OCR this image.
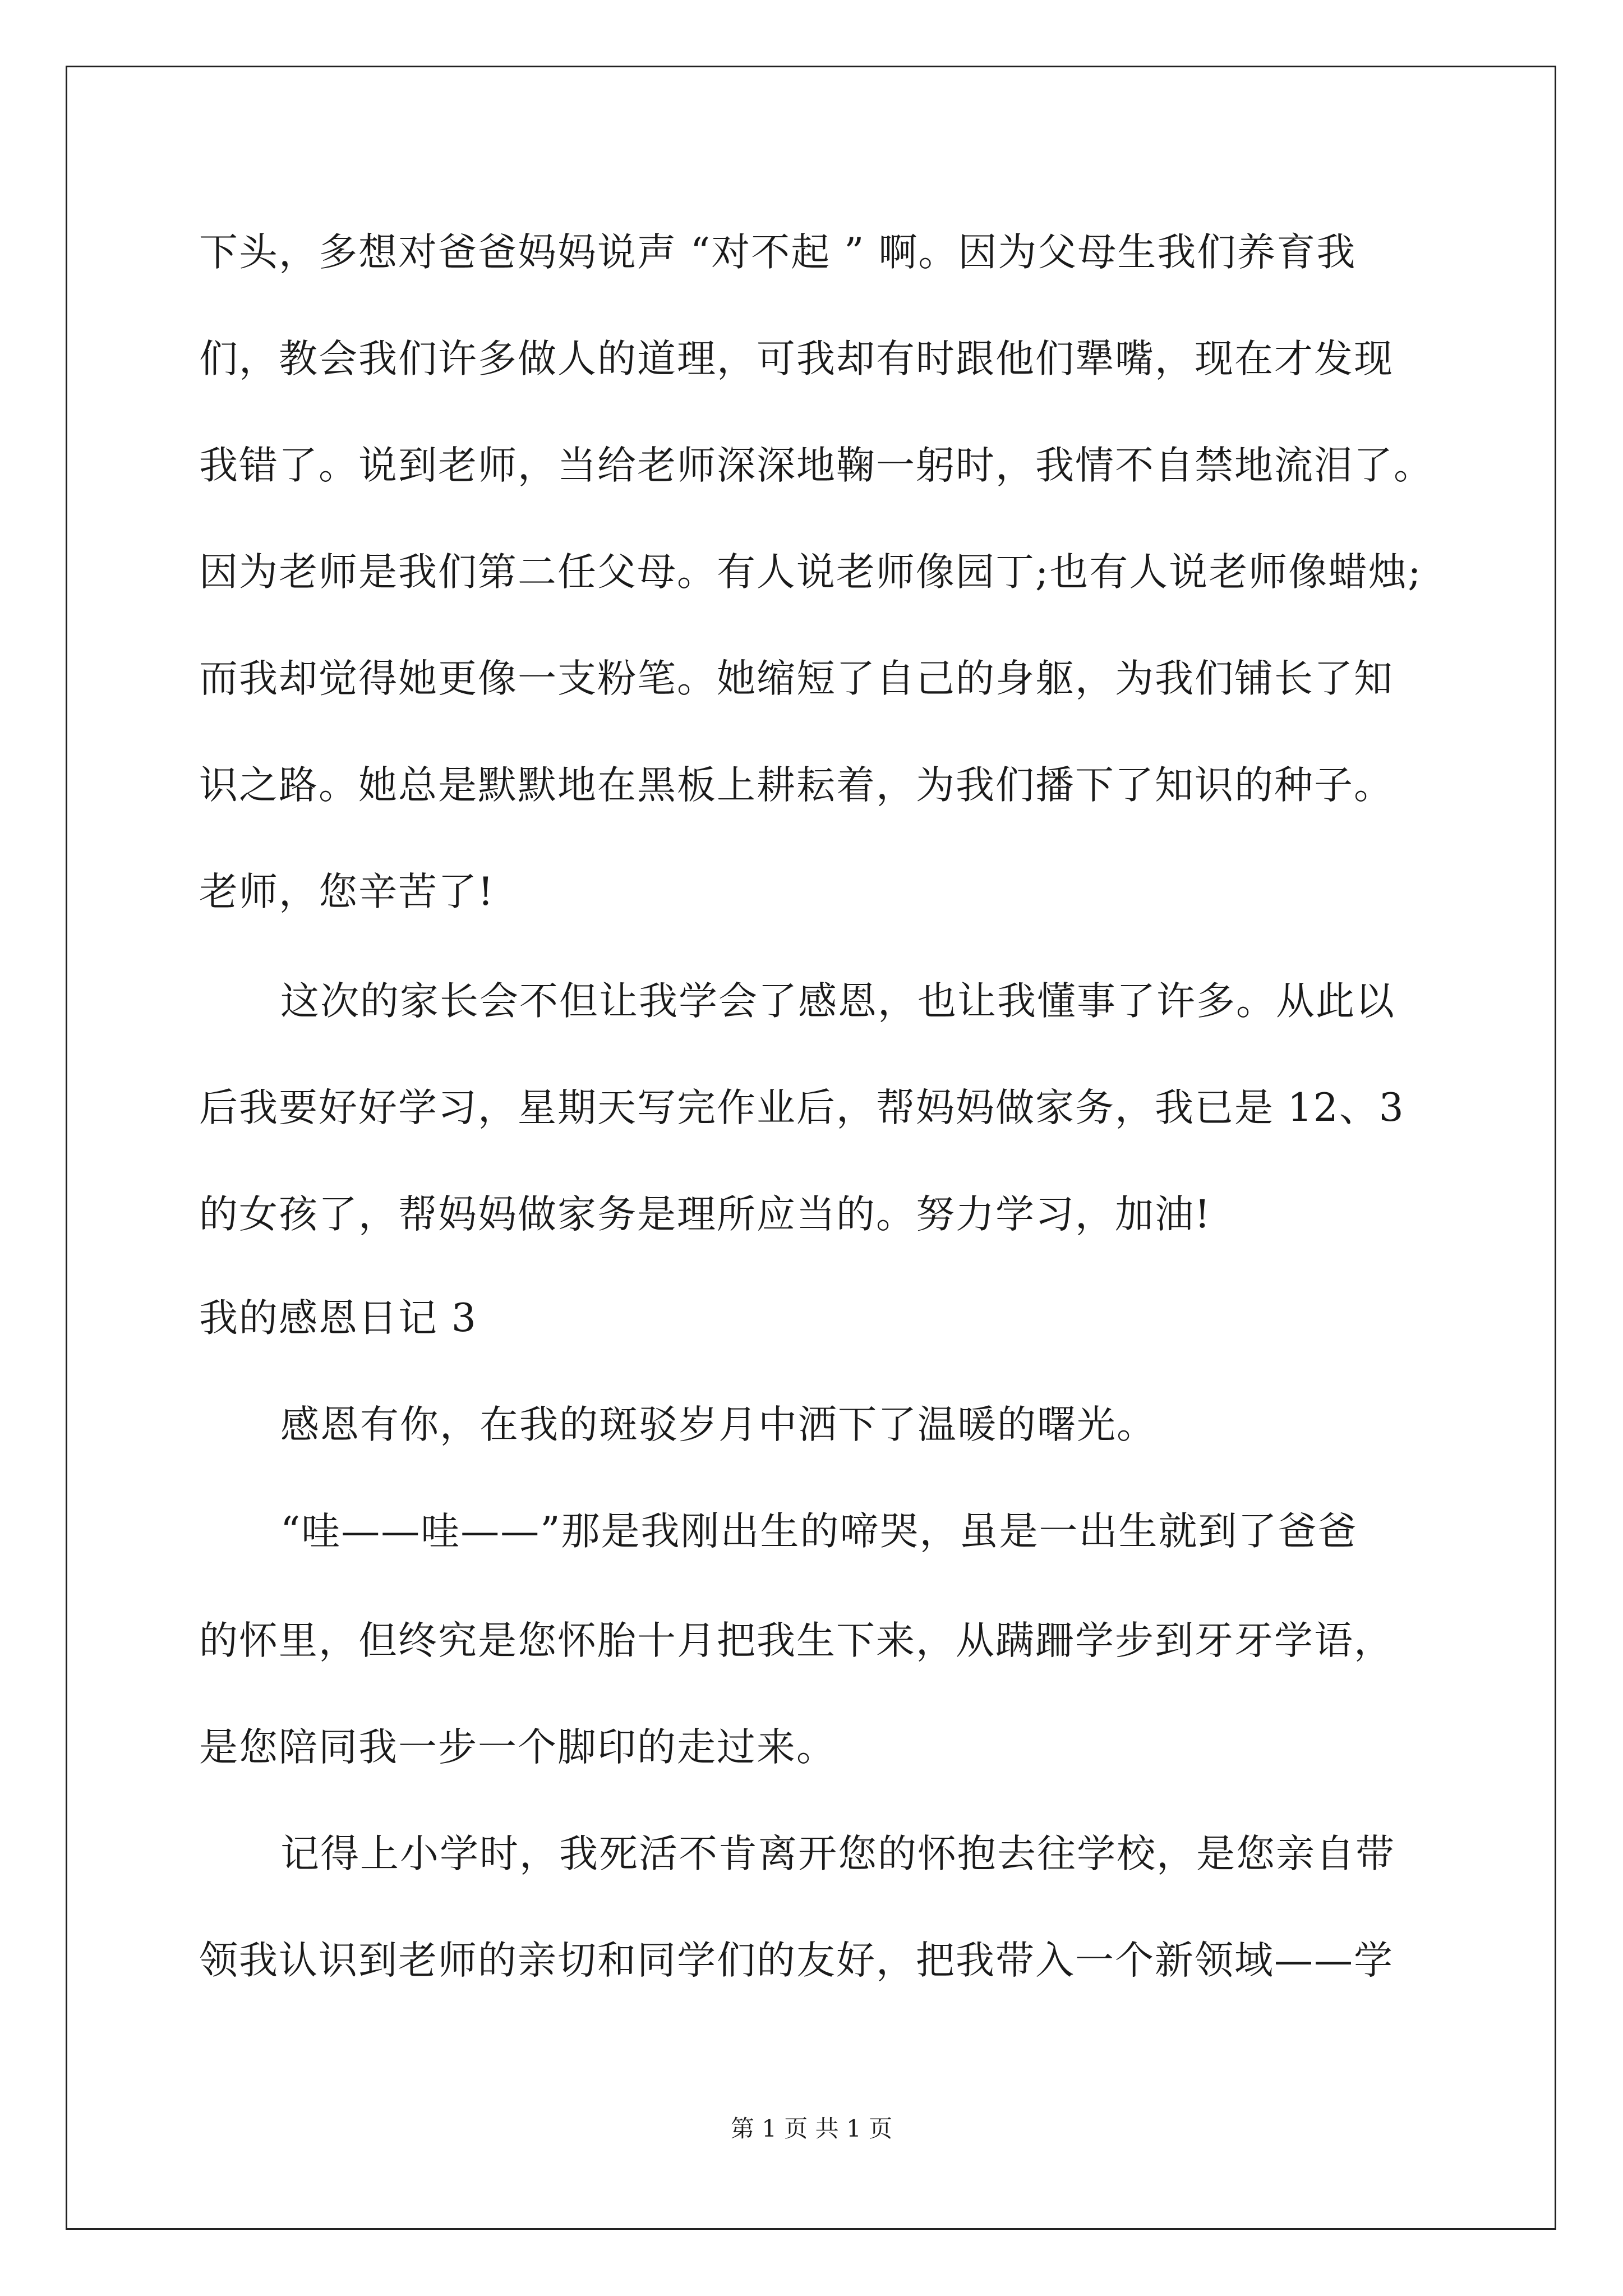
下头，多想对爸爸妈妈说声 “对不起 ” 啊。因为父母生我们养育我
们，教会我们许多做人的道理，可我却有时跟他们犟嘴，现在才发现
我错了。说到老师，当给老师深深地鞠一躬时，我情不自禁地流泪了。
因为老师是我们第二任父母。有人说老师像园丁;也有人说老师像蜡烛;
而我却觉得她更像一支粉笔。她缩短了自己的身躯，为我们铺长了知
识之路。她总是默默地在黑板上耕耘着，为我们播下了知识的种子。
老师，您辛苦了!
这次的家长会不但让我学会了感恩，也让我懂事了许多。从此以
后我要好好学习，星期天写完作业后，帮妈妈做家务，我已是 12、3
的女孩了，帮妈妈做家务是理所应当的。努力学习，加油!
我的感恩日记 3
感恩有你，在我的斑驳岁月中洒下了温暖的曙光。
“哇——哇——”那是我刚出生的啼哭，虽是一出生就到了爸爸
的怀里，但终究是您怀胎十月把我生下来，从蹒跚学步到牙牙学语，
是您陪同我一步一个脚印的走过来。
记得上小学时，我死活不肯离开您的怀抱去往学校，是您亲自带
领我认识到老师的亲切和同学们的友好，把我带入一个新领域——学
第 1 页 共 1 页
